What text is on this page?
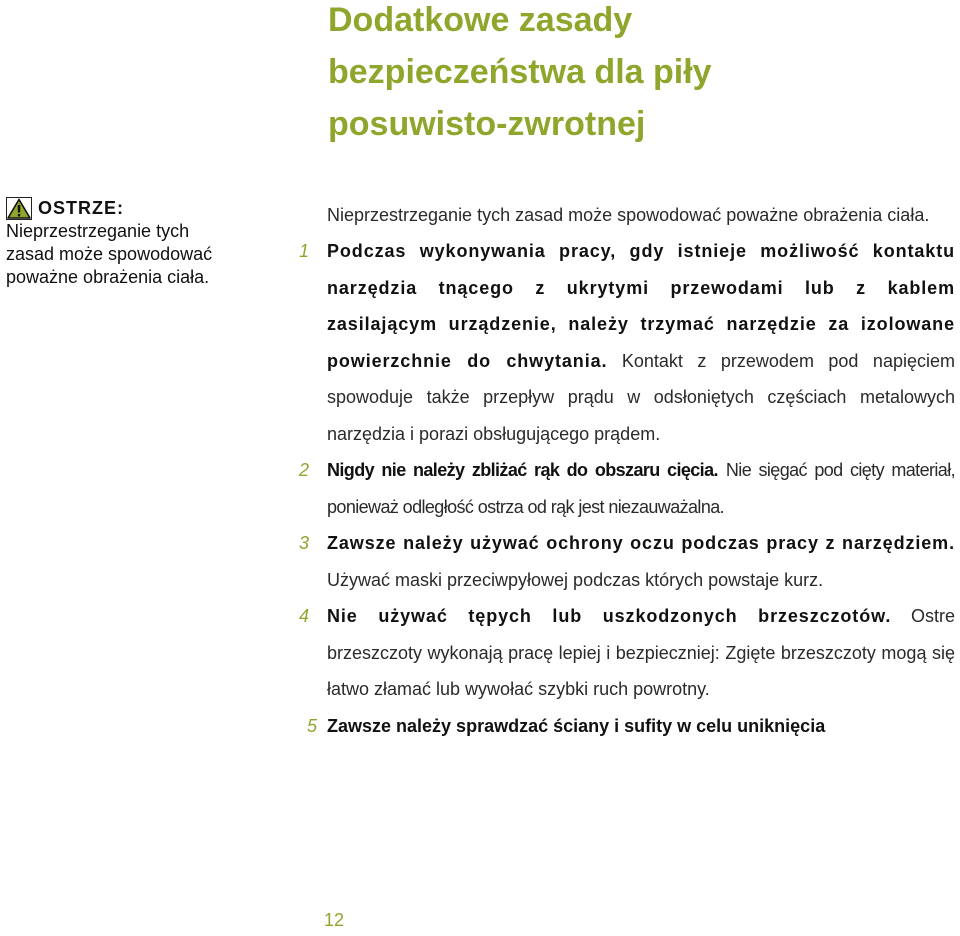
Dodatkowe zasady
bezpieczeństwa dla piły
posuwisto-zwrotnej
OSTRZE:
Nieprzestrzeganie tych zasad może spowodować poważne obrażenia ciała.

Nieprzestrzeganie tych zasad może spowodować poważne obrażenia ciała.

1 Podczas wykonywania pracy, gdy istnieje możliwość kontaktu narzędzia tnącego z ukrytymi przewodami lub z kablem zasilającym urządzenie, należy trzymać narzędzie za izolowane powierzchnie do chwytania. Kontakt z przewodem pod napięciem spowoduje także przepływ prądu w odsłoniętych częściach metalowych narzędzia i porazi obsługującego prądem.

2 Nigdy nie należy zbliżać rąk do obszaru cięcia. Nie sięgać pod cięty materiał, ponieważ odległość ostrza od rąk jest niezauważalna.

3 Zawsze należy używać ochrony oczu podczas pracy z narzędziem. Używać maski przeciwpyłowej podczas których powstaje kurz.

4 Nie używać tępych lub uszkodzonych brzeszczotów. Ostre brzeszczoty wykonają pracę lepiej i bezpieczniej: Zgięte brzeszczoty mogą się łatwo złamać lub wywołać szybki ruch powrotny.

5 Zawsze należy sprawdzać ściany i sufity w celu uniknięcia

12
